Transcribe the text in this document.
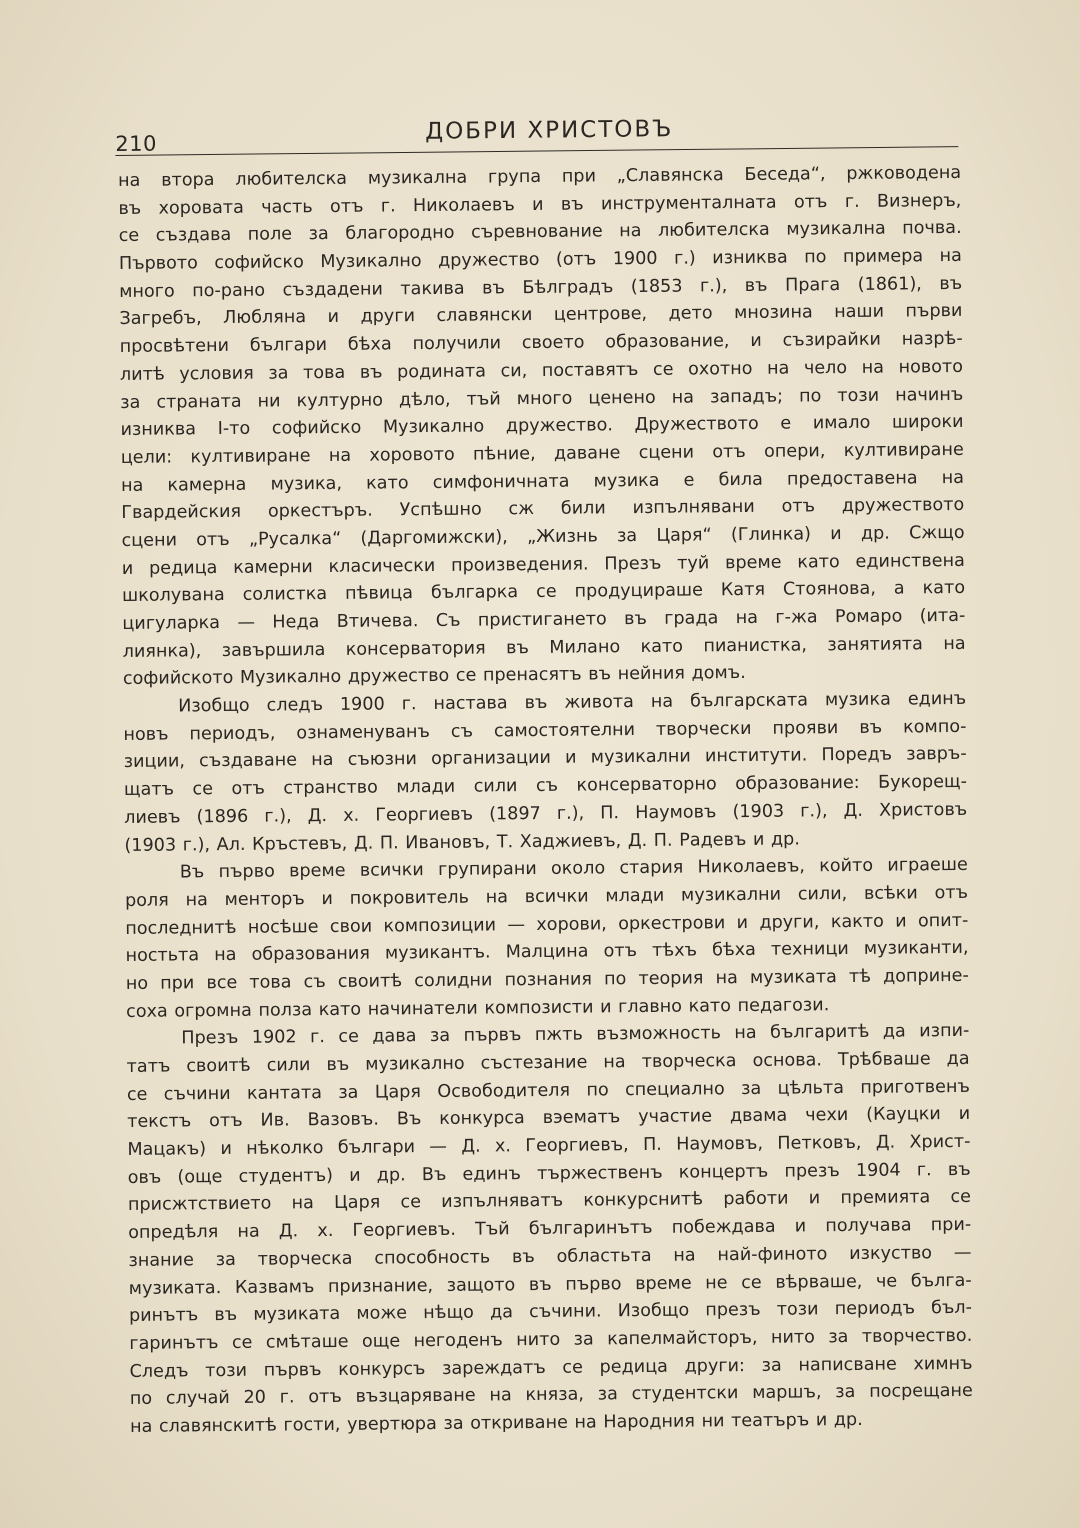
210	ДОБРИ ХРИСТОВЪ
на втора любителска музикална група при „Славянска Беседа“, ржководена
въ хоровата часть отъ г. Николаевъ и въ инструменталната отъ г. Визнеръ,
се създава поле за благородно съревнование на любителска музикална почва.
Първото софийско Музикално дружество (отъ 1900 г.) изниква по примера на
много по-рано създадени такива въ Бѣлградъ (1853 г.), въ Прага (1861), въ
Загребъ, Любляна и други славянски центрове, дето мнозина наши първи
просвѣтени българи бѣха получили своето образование, и съзирайки назрѣ-
литѣ условия за това въ родината си, поставятъ се охотно на чело на новото
за страната ни културно дѣло, тъй много ценено на западъ; по този начинъ
изниква I-то софийско Музикално дружество. Дружеството е имало широки
цели: култивиране на хоровото пѣние, даване сцени отъ опери, култивиране
на камерна музика, като симфоничната музика е била предоставена на
Гвардейския оркестъръ. Успѣшно сж били изпълнявани отъ дружеството
сцени отъ „Русалка“ (Даргомижски), „Жизнь за Царя“ (Глинка) и др. Сжщо
и редица камерни класически произведения. Презъ туй време като единствена
школувана солистка пѣвица българка се продуцираше Катя Стоянова, а като
цигуларка — Неда Втичева. Съ пристигането въ града на г-жа Ромаро (ита-
лиянка), завършила консерватория въ Милано като пианистка, занятията на
софийското Музикално дружество се пренасятъ въ нейния домъ.
Изобщо следъ 1900 г. настава въ живота на българската музика единъ
новъ периодъ, ознаменуванъ съ самостоятелни творчески прояви въ компо-
зиции, създаване на съюзни организации и музикални институти. Поредъ завръ-
щатъ се отъ странство млади сили съ консерваторно образование: Букорещ-
лиевъ (1896 г.), Д. х. Георгиевъ (1897 г.), П. Наумовъ (1903 г.), Д. Христовъ
(1903 г.), Ал. Кръстевъ, Д. П. Ивановъ, Т. Хаджиевъ, Д. П. Радевъ и др.
Въ първо време всички групирани около стария Николаевъ, който играеше
роля на менторъ и покровитель на всички млади музикални сили, всѣки отъ
последнитѣ носѣше свои композиции — хорови, оркестрови и други, както и опит-
ностьта на образования музикантъ. Малцина отъ тѣхъ бѣха техници музиканти,
но при все това съ своитѣ солидни познания по теория на музиката тѣ доприне-
соха огромна полза като начинатели композисти и главно като педагози.
Презъ 1902 г. се дава за първъ пжть възможность на българитѣ да изпи-
татъ своитѣ сили въ музикално състезание на творческа основа. Трѣбваше да
се съчини кантата за Царя Освободителя по специално за цѣльта приготвенъ
текстъ отъ Ив. Вазовъ. Въ конкурса вэематъ участие двама чехи (Кауцки и
Мацакъ) и нѣколко българи — Д. х. Георгиевъ, П. Наумовъ, Петковъ, Д. Христ-
овъ (още студентъ) и др. Въ единъ тържественъ концертъ презъ 1904 г. въ
присжтствието на Царя се изпълняватъ конкурснитѣ работи и премията се
опредѣля на Д. х. Георгиевъ. Тъй българинътъ побеждава и получава при-
знание за творческа способность въ областьта на най-финото изкуство —
музиката. Казвамъ признание, защото въ първо време не се вѣрваше, че бълга-
ринътъ въ музиката може нѣщо да съчини. Изобщо презъ този периодъ бъл-
гаринътъ се смѣташе още негоденъ нито за капелмайсторъ, нито за творчество.
Следъ този първъ конкурсъ зареждатъ се редица други: за написване химнъ
по случай 20 г. отъ възцаряване на княза, за студентски маршъ, за посрещане
на славянскитѣ гости, увертюра за откриване на Народния ни театъръ и др.
